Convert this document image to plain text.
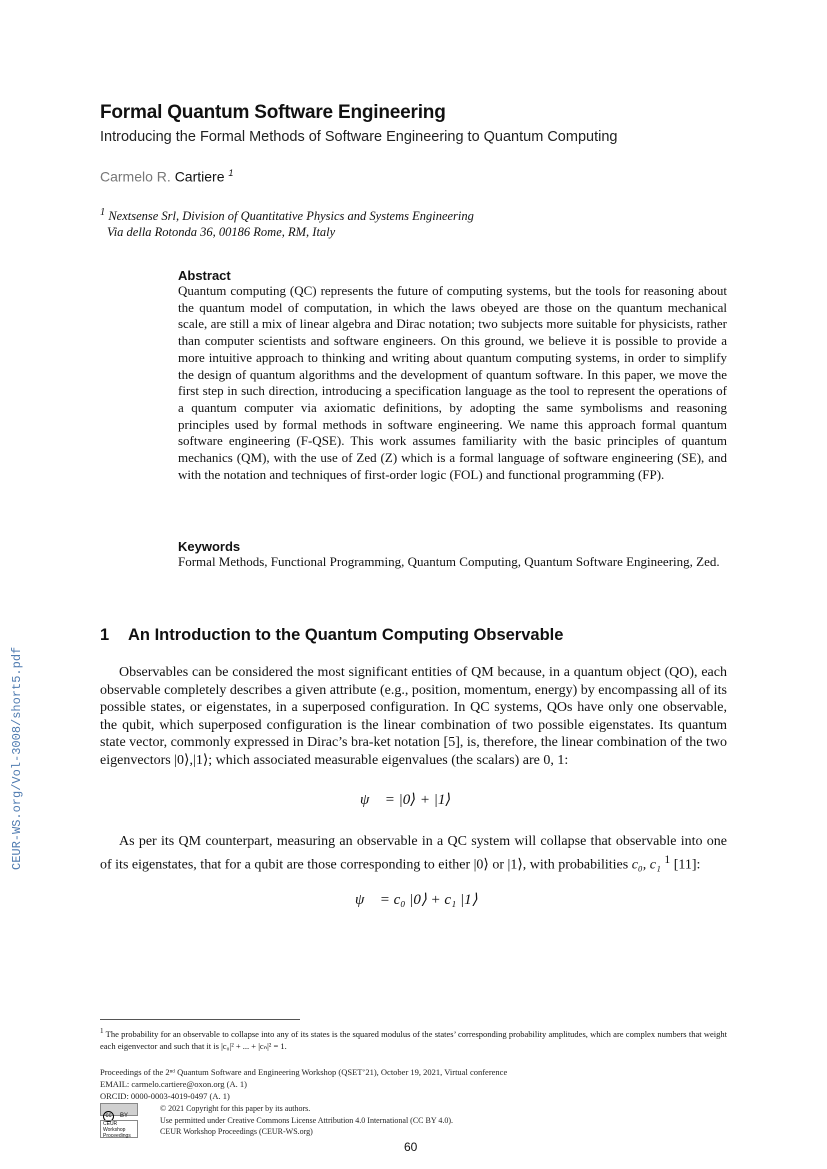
Formal Quantum Software Engineering
Introducing the Formal Methods of Software Engineering to Quantum Computing
Carmelo R. Cartiere $^1$
$^1$ Nextsense Srl, Division of Quantitative Physics and Systems Engineering
Via della Rotonda 36, 00186 Rome, RM, Italy
Abstract
Quantum computing (QC) represents the future of computing systems, but the tools for reasoning about the quantum model of computation, in which the laws obeyed are those on the quantum mechanical scale, are still a mix of linear algebra and Dirac notation; two subjects more suitable for physicists, rather than computer scientists and software engineers. On this ground, we believe it is possible to provide a more intuitive approach to thinking and writing about quantum computing systems, in order to simplify the design of quantum algorithms and the development of quantum software. In this paper, we move the first step in such direction, introducing a specification language as the tool to represent the operations of a quantum computer via axiomatic definitions, by adopting the same symbolisms and reasoning principles used by formal methods in software engineering. We name this approach formal quantum software engineering (F-QSE). This work assumes familiarity with the basic principles of quantum mechanics (QM), with the use of Zed (Z) which is a formal language of software engineering (SE), and with the notation and techniques of first-order logic (FOL) and functional programming (FP).
Keywords
Formal Methods, Functional Programming, Quantum Computing, Quantum Software Engineering, Zed.
1 An Introduction to the Quantum Computing Observable
Observables can be considered the most significant entities of QM because, in a quantum object (QO), each observable completely describes a given attribute (e.g., position, momentum, energy) by encompassing all of its possible states, or eigenstates, in a superposed configuration. In QC systems, QOs have only one observable, the qubit, which superposed configuration is the linear combination of two possible eigenstates. Its quantum state vector, commonly expressed in Dirac’s bra-ket notation [5], is, therefore, the linear combination of the two eigenvectors |0⟩,|1⟩; which associated measurable eigenvalues (the scalars) are 0, 1:
ψ⃗ = |0⟩ + |1⟩
As per its QM counterpart, measuring an observable in a QC system will collapse that observable into one of its eigenstates, that for a qubit are those corresponding to either |0⟩ or |1⟩, with probabilities c₀, c₁ $^1$ [11]:
ψ⃗ = c₀ |0⟩ + c₁ |1⟩
$^1$ The probability for an observable to collapse into any of its states is the squared modulus of the states’ corresponding probability amplitudes, which are complex numbers that weight each eigenvector and such that it is |c₀|² + ... + |cₙ|² = 1.
Proceedings of the 2ⁿᵈ Quantum Software and Engineering Workshop (QSET’21), October 19, 2021, Virtual conference
EMAIL: carmelo.cartiere@oxon.org (A. 1)
ORCID: 0000-0003-4019-0497 (A. 1)
cc BY
CEUR Workshop Proceedings
© 2021 Copyright for this paper by its authors.
Use permitted under Creative Commons License Attribution 4.0 International (CC BY 4.0).
CEUR Workshop Proceedings (CEUR-WS.org)
60
CEUR-WS.org/Vol-3008/short5.pdf
